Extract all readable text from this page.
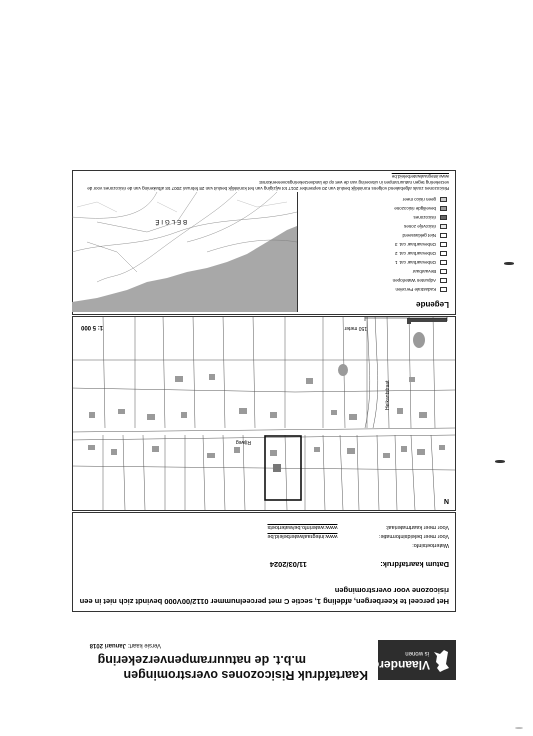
Vlaanderen
is wonen
Kaartafdruk Risicozones overstromingen
m.b.t. de natuurrampenverzekering
Versie kaart: Januari 2018
Het perceel te Keerbergen, afdeling 1, sectie C met perceelnummer 0112/00V000 bevindt zich niet in een risicozone voor overstromingen
Datum kaartafdruk: 11/03/2024
Watertoetsinfo:
Voor meer beleidsinformatie: www.integraalwaterbeleid.be
Voor meer kaartmateriaal: www.waterinfo.be/watertoets
N
Rijweg
Heikantstraat
150 meter
1: 5 000
Legende
Kadastrale Percelen
Adpunten Waterlopen
Bevaarbaar
Onbevaarbaar cat. 1
Onbevaarbaar cat. 2
Onbevaarbaar cat. 3
Niet geklasseerd
risicovrije zones
risicozones
beveiligde risicozone
geen risico meer
BELGIË
Risicozones zoals afgebakend volgens Koninklijk besluit van 20 september 2017 tot wijziging van het koninklijk besluit van 28 februari 2007 tot afbakening van de risicozones voor de verzekering tegen natuurrampen in uitvoering van de wet op de landverzekeringsovereenkomst
www.integraalwaterbeleid.be
